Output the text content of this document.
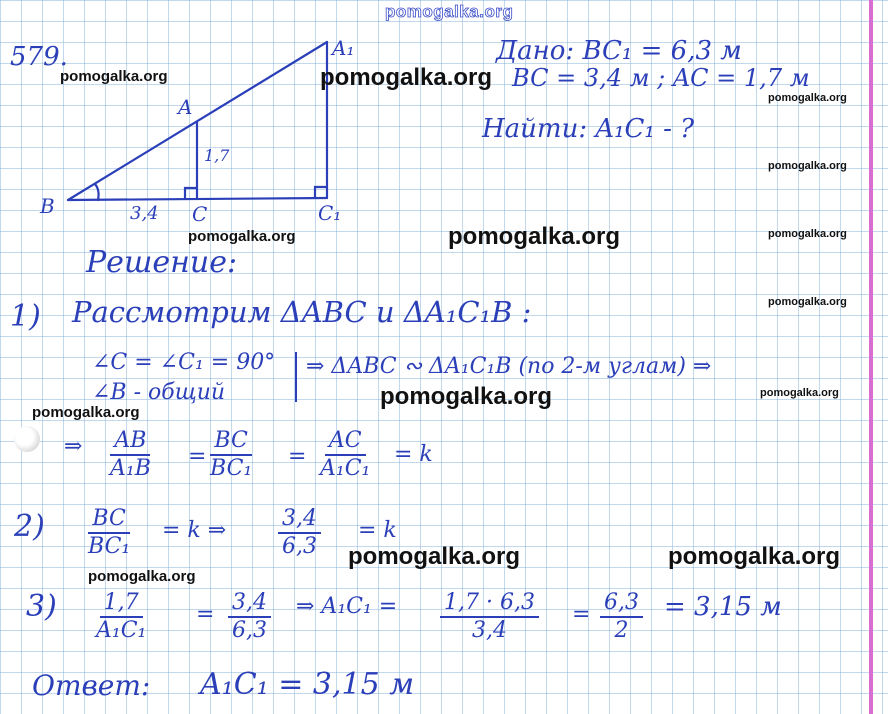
pomogalka.org
579.
B	C	C₁
A
A₁
3,4
1,7
Дано: BC₁ = 6,3 м
BC = 3,4 м ; AC = 1,7 м
Найти: A₁C₁ - ?
Решение:
1) Рассмотрим ΔABC и ΔA₁C₁B :
∠C = ∠C₁ = 90°
∠B - общий
⇒ ΔABC ∾ ΔA₁C₁B (по 2-м углам) ⇒
⇒ $\frac{AB}{\text{A₁B}} = \frac{BC}{\text{BC₁}} = \frac{AC}{\text{A₁C₁}} = k$
$2) \frac{BC}{\text{BC₁}} = k$ ⇒ $\frac{3,4}{6,3} = k$
$3) \frac{1,7}{\text{A₁C₁}} = \frac{3,4}{6,3}$ ⇒ $A_1C_1 = \frac{1,7 \cdot 6,3}{3,4} = \frac{6,3}{2} = 3,15$ м
Ответ: A₁C₁ = 3,15 м
pomogalka.org	pomogalka.org
pomogalka.org
pomogalka.org
pomogalka.org	pomogalka.org	pomogalka.org
pomogalka.org
pomogalka.org
pomogalka.org	pomogalka.org
pomogalka.org	pomogalka.org
pomogalka.org
